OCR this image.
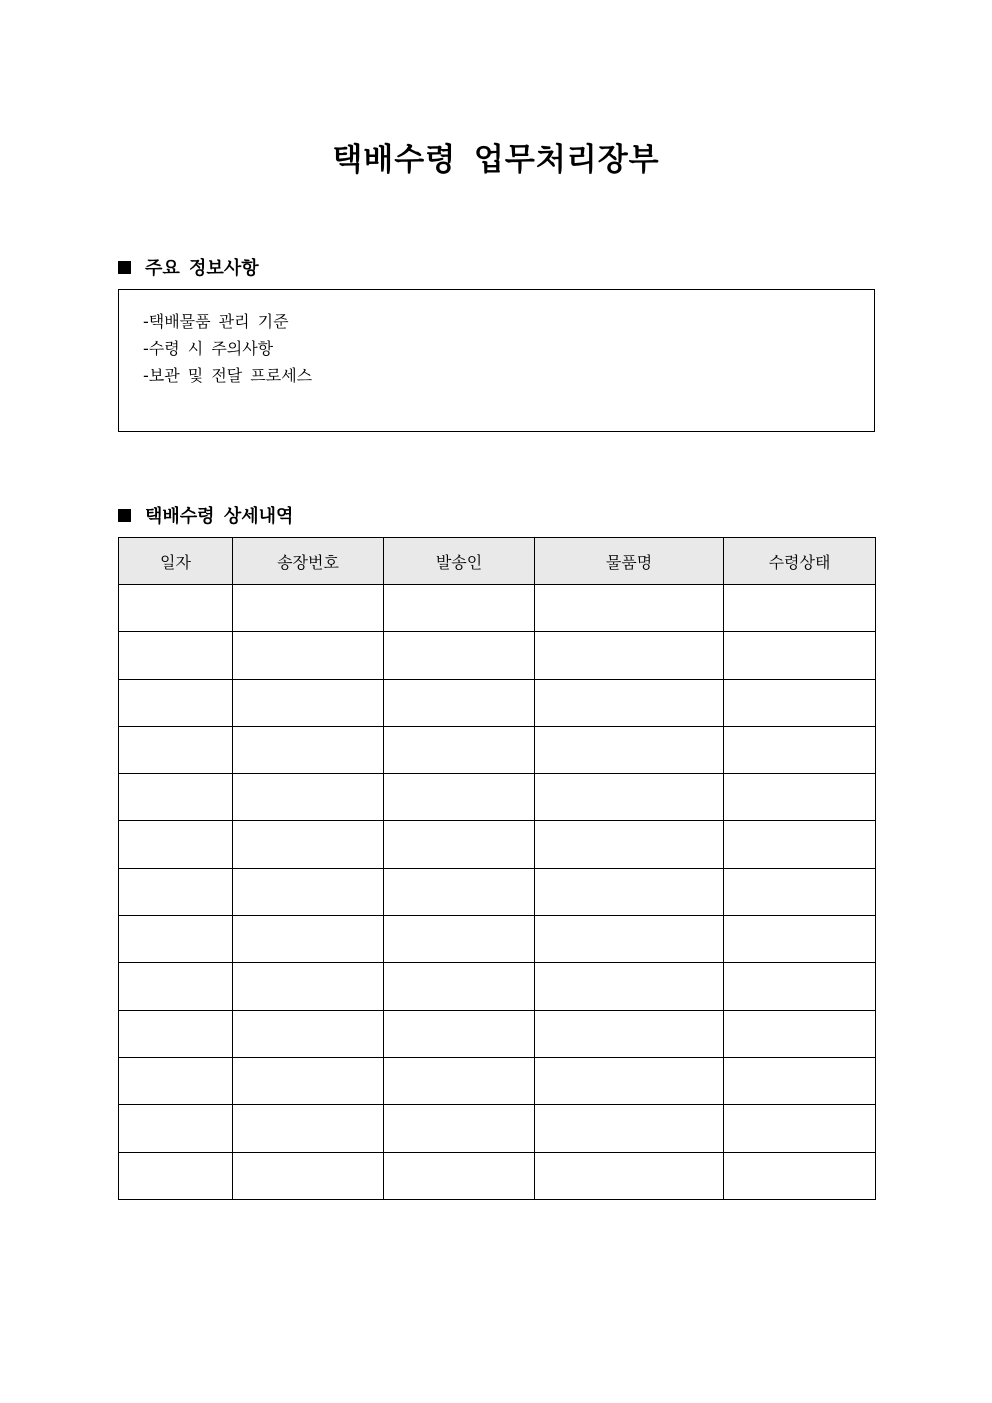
택배수령 업무처리장부
주요 정보사항
-택배물품 관리 기준
-수령 시 주의사항
-보관 및 전달 프로세스
택배수령 상세내역
일자	송장번호	발송인	물품명	수령상태
